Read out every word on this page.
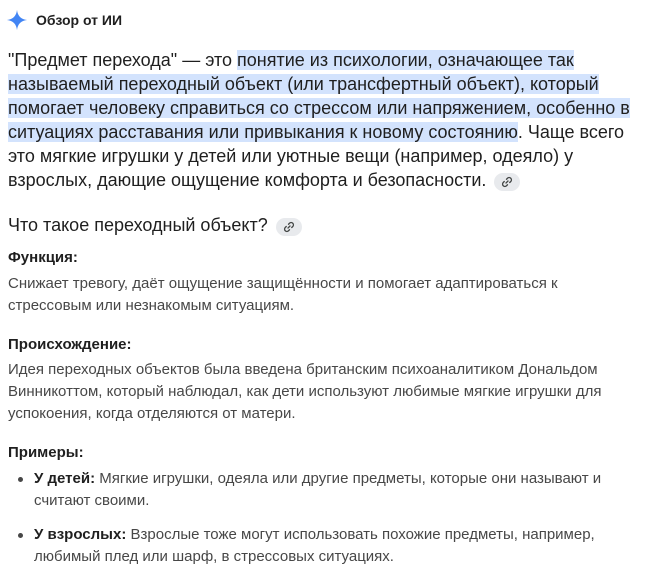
Обзор от ИИ
"Предмет перехода" — это понятие из психологии, означающее так называемый переходный объект (или трансфертный объект), который помогает человеку справиться со стрессом или напряжением, особенно в ситуациях расставания или привыкания к новому состоянию. Чаще всего это мягкие игрушки у детей или уютные вещи (например, одеяло) у взрослых, дающие ощущение комфорта и безопасности.
Что такое переходный объект?
Функция:
Снижает тревогу, даёт ощущение защищённости и помогает адаптироваться к стрессовым или незнакомым ситуациям.
Происхождение:
Идея переходных объектов была введена британским психоаналитиком Дональдом Винникоттом, который наблюдал, как дети используют любимые мягкие игрушки для успокоения, когда отделяются от матери.
Примеры:
У детей: Мягкие игрушки, одеяла или другие предметы, которые они называют и считают своими.
У взрослых: Взрослые тоже могут использовать похожие предметы, например, любимый плед или шарф, в стрессовых ситуациях.
